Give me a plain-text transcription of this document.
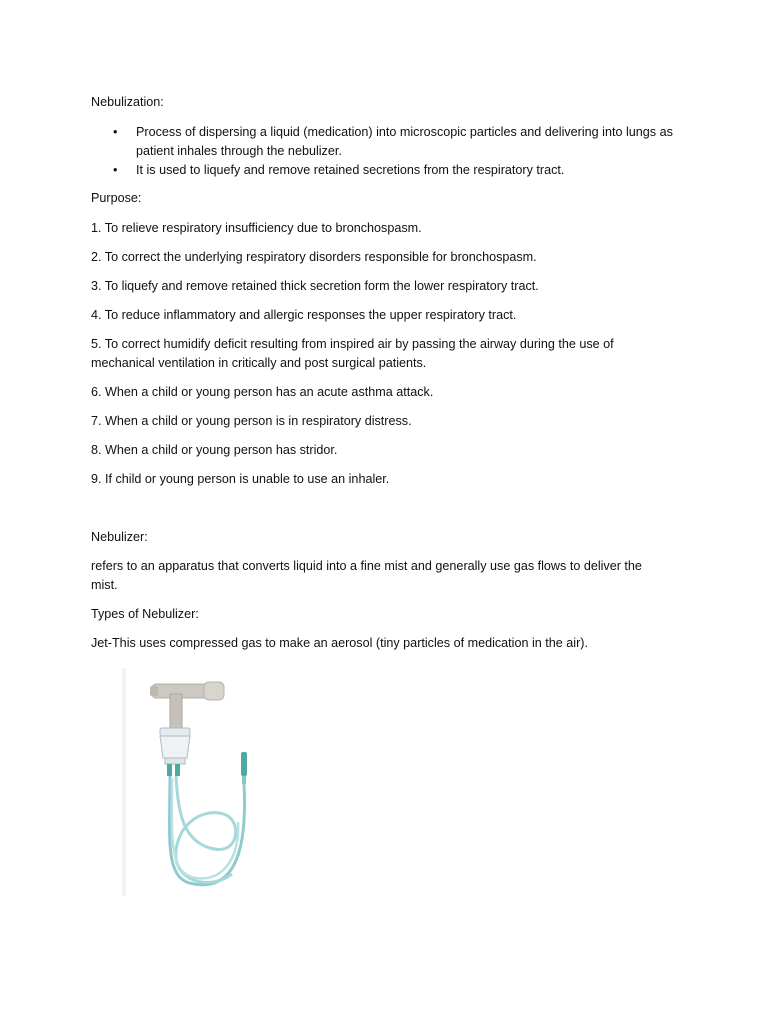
Nebulization:
• Process of dispersing a liquid (medication) into microscopic particles and delivering into lungs as patient inhales through the nebulizer.
• It is used to liquefy and remove retained secretions from the respiratory tract.
Purpose:
1. To relieve respiratory insufficiency due to bronchospasm.
2. To correct the underlying respiratory disorders responsible for bronchospasm.
3. To liquefy and remove retained thick secretion form the lower respiratory tract.
4. To reduce inflammatory and allergic responses the upper respiratory tract.
5. To correct humidify deficit resulting from inspired air by passing the airway during the use of mechanical ventilation in critically and post surgical patients.
6. When a child or young person has an acute asthma attack.
7. When a child or young person is in respiratory distress.
8. When a child or young person has stridor.
9. If child or young person is unable to use an inhaler.
Nebulizer:
refers to an apparatus that converts liquid into a fine mist and generally use gas flows to deliver the mist.
Types of Nebulizer:
Jet-This uses compressed gas to make an aerosol (tiny particles of medication in the air).
